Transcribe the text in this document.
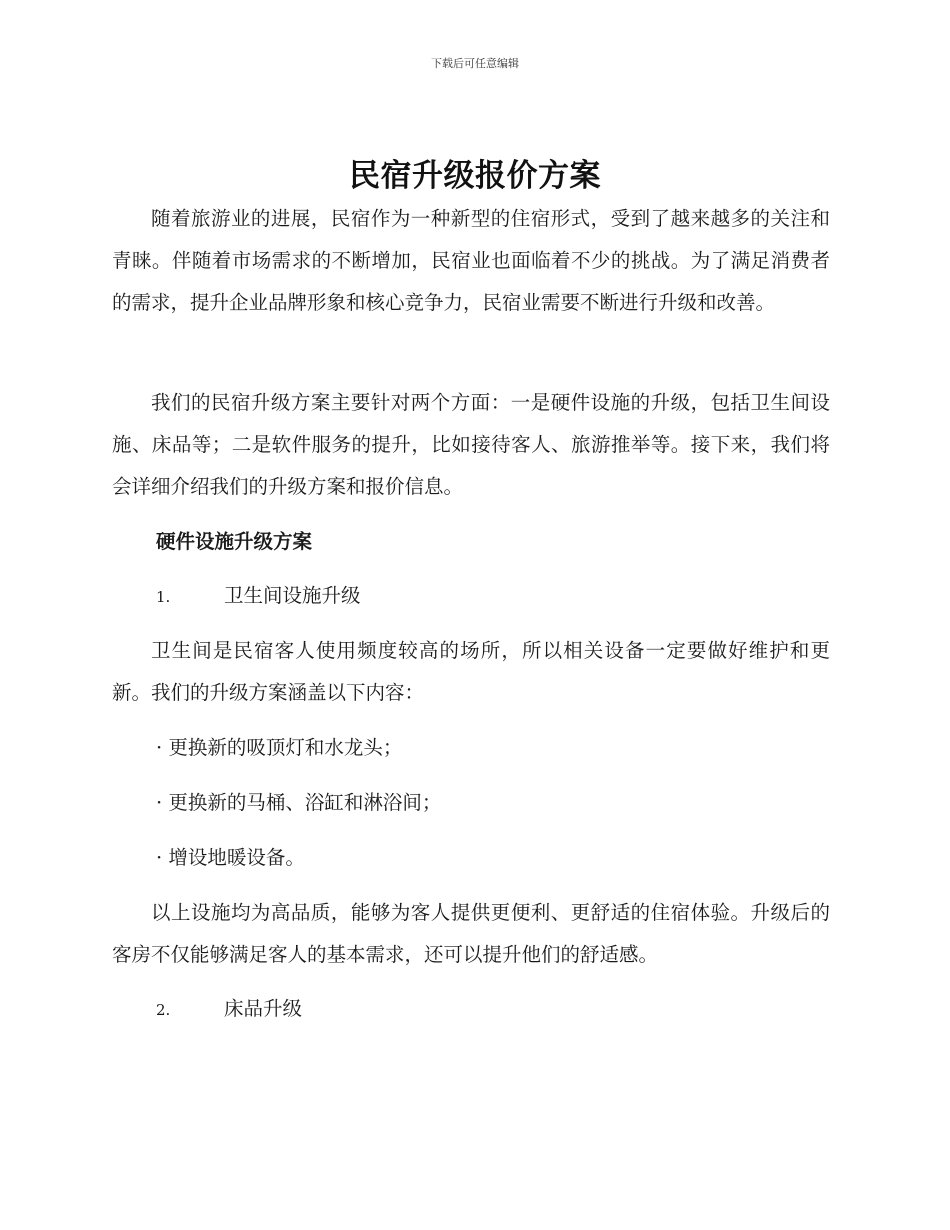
下载后可任意编辑
民宿升级报价方案

随着旅游业的进展，民宿作为一种新型的住宿形式，受到了越来越多的关注和青睐。伴随着市场需求的不断增加，民宿业也面临着不少的挑战。为了满足消费者的需求，提升企业品牌形象和核心竞争力，民宿业需要不断进行升级和改善。

我们的民宿升级方案主要针对两个方面：一是硬件设施的升级，包括卫生间设施、床品等；二是软件服务的提升，比如接待客人、旅游推举等。接下来，我们将会详细介绍我们的升级方案和报价信息。

硬件设施升级方案
1.	卫生间设施升级

卫生间是民宿客人使用频度较高的场所，所以相关设备一定要做好维护和更新。我们的升级方案涵盖以下内容：

· 更换新的吸顶灯和水龙头；
· 更换新的马桶、浴缸和淋浴间；
· 增设地暖设备。

以上设施均为高品质，能够为客人提供更便利、更舒适的住宿体验。升级后的客房不仅能够满足客人的基本需求，还可以提升他们的舒适感。

2.	床品升级
